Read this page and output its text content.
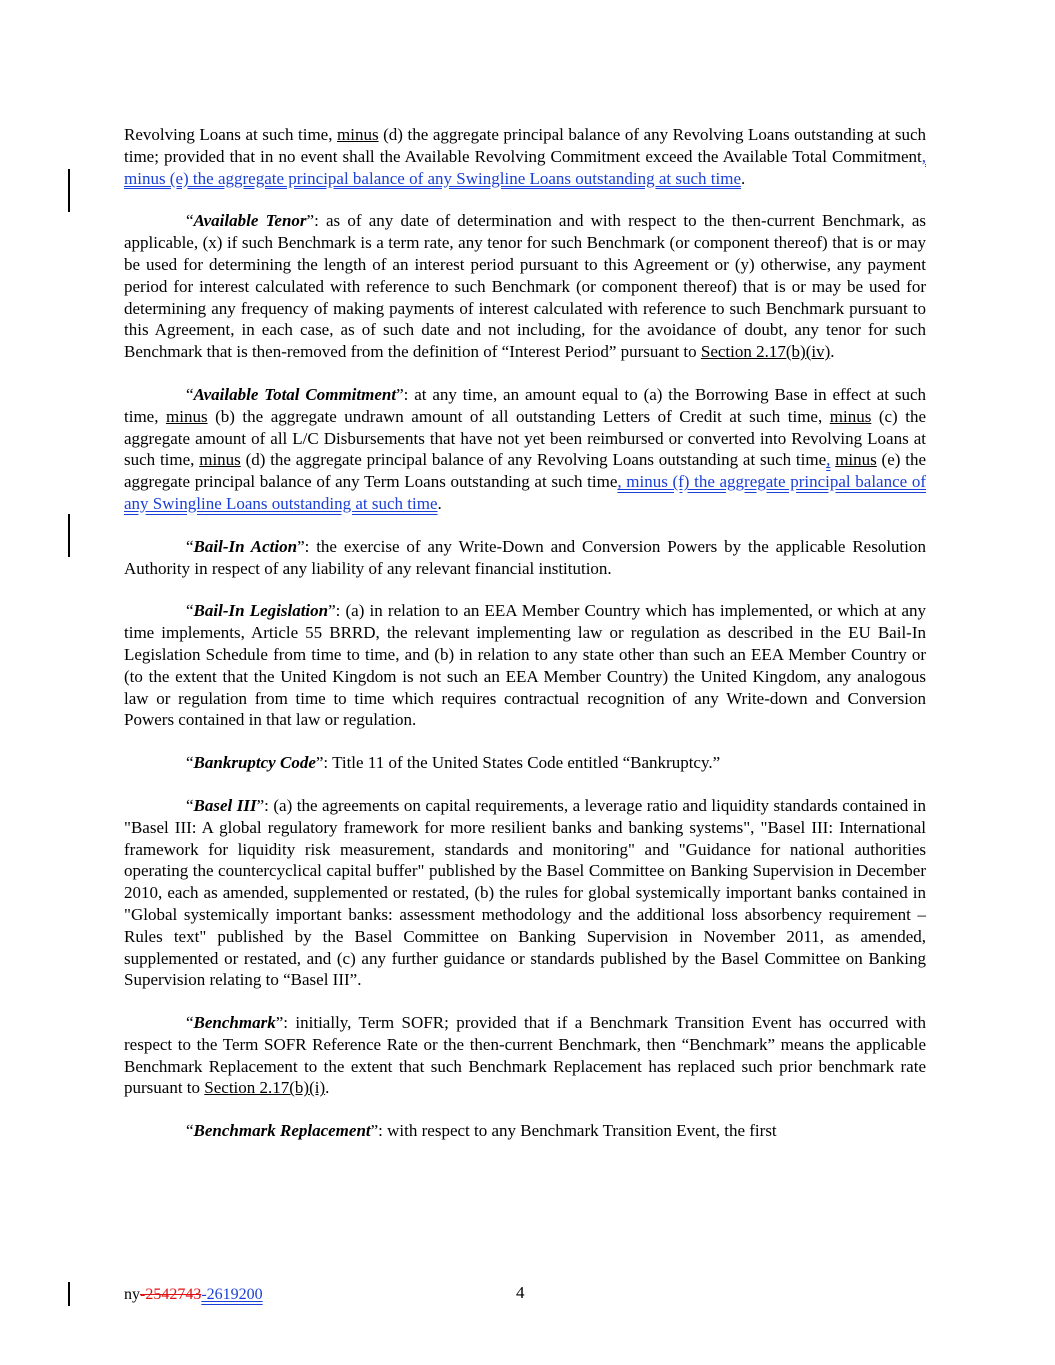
Revolving Loans at such time, minus (d) the aggregate principal balance of any Revolving Loans outstanding at such time; provided that in no event shall the Available Revolving Commitment exceed the Available Total Commitment, minus (e) the aggregate principal balance of any Swingline Loans outstanding at such time.

“Available Tenor”: as of any date of determination and with respect to the then-current Benchmark, as applicable, (x) if such Benchmark is a term rate, any tenor for such Benchmark (or component thereof) that is or may be used for determining the length of an interest period pursuant to this Agreement or (y) otherwise, any payment period for interest calculated with reference to such Benchmark (or component thereof) that is or may be used for determining any frequency of making payments of interest calculated with reference to such Benchmark pursuant to this Agreement, in each case, as of such date and not including, for the avoidance of doubt, any tenor for such Benchmark that is then-removed from the definition of “Interest Period” pursuant to Section 2.17(b)(iv).

“Available Total Commitment”: at any time, an amount equal to (a) the Borrowing Base in effect at such time, minus (b) the aggregate undrawn amount of all outstanding Letters of Credit at such time, minus (c) the aggregate amount of all L/C Disbursements that have not yet been reimbursed or converted into Revolving Loans at such time, minus (d) the aggregate principal balance of any Revolving Loans outstanding at such time, minus (e) the aggregate principal balance of any Term Loans outstanding at such time, minus (f) the aggregate principal balance of any Swingline Loans outstanding at such time.

“Bail-In Action”: the exercise of any Write-Down and Conversion Powers by the applicable Resolution Authority in respect of any liability of any relevant financial institution.

“Bail-In Legislation”: (a) in relation to an EEA Member Country which has implemented, or which at any time implements, Article 55 BRRD, the relevant implementing law or regulation as described in the EU Bail-In Legislation Schedule from time to time, and (b) in relation to any state other than such an EEA Member Country or (to the extent that the United Kingdom is not such an EEA Member Country) the United Kingdom, any analogous law or regulation from time to time which requires contractual recognition of any Write-down and Conversion Powers contained in that law or regulation.

“Bankruptcy Code”: Title 11 of the United States Code entitled “Bankruptcy.”

“Basel III”: (a) the agreements on capital requirements, a leverage ratio and liquidity standards contained in "Basel III: A global regulatory framework for more resilient banks and banking systems", "Basel III: International framework for liquidity risk measurement, standards and monitoring" and "Guidance for national authorities operating the countercyclical capital buffer" published by the Basel Committee on Banking Supervision in December 2010, each as amended, supplemented or restated, (b) the rules for global systemically important banks contained in "Global systemically important banks: assessment methodology and the additional loss absorbency requirement – Rules text" published by the Basel Committee on Banking Supervision in November 2011, as amended, supplemented or restated, and (c) any further guidance or standards published by the Basel Committee on Banking Supervision relating to “Basel III”.

“Benchmark”: initially, Term SOFR; provided that if a Benchmark Transition Event has occurred with respect to the Term SOFR Reference Rate or the then-current Benchmark, then “Benchmark” means the applicable Benchmark Replacement to the extent that such Benchmark Replacement has replaced such prior benchmark rate pursuant to Section 2.17(b)(i).

“Benchmark Replacement”: with respect to any Benchmark Transition Event, the first

ny-2542743-2619200	4
